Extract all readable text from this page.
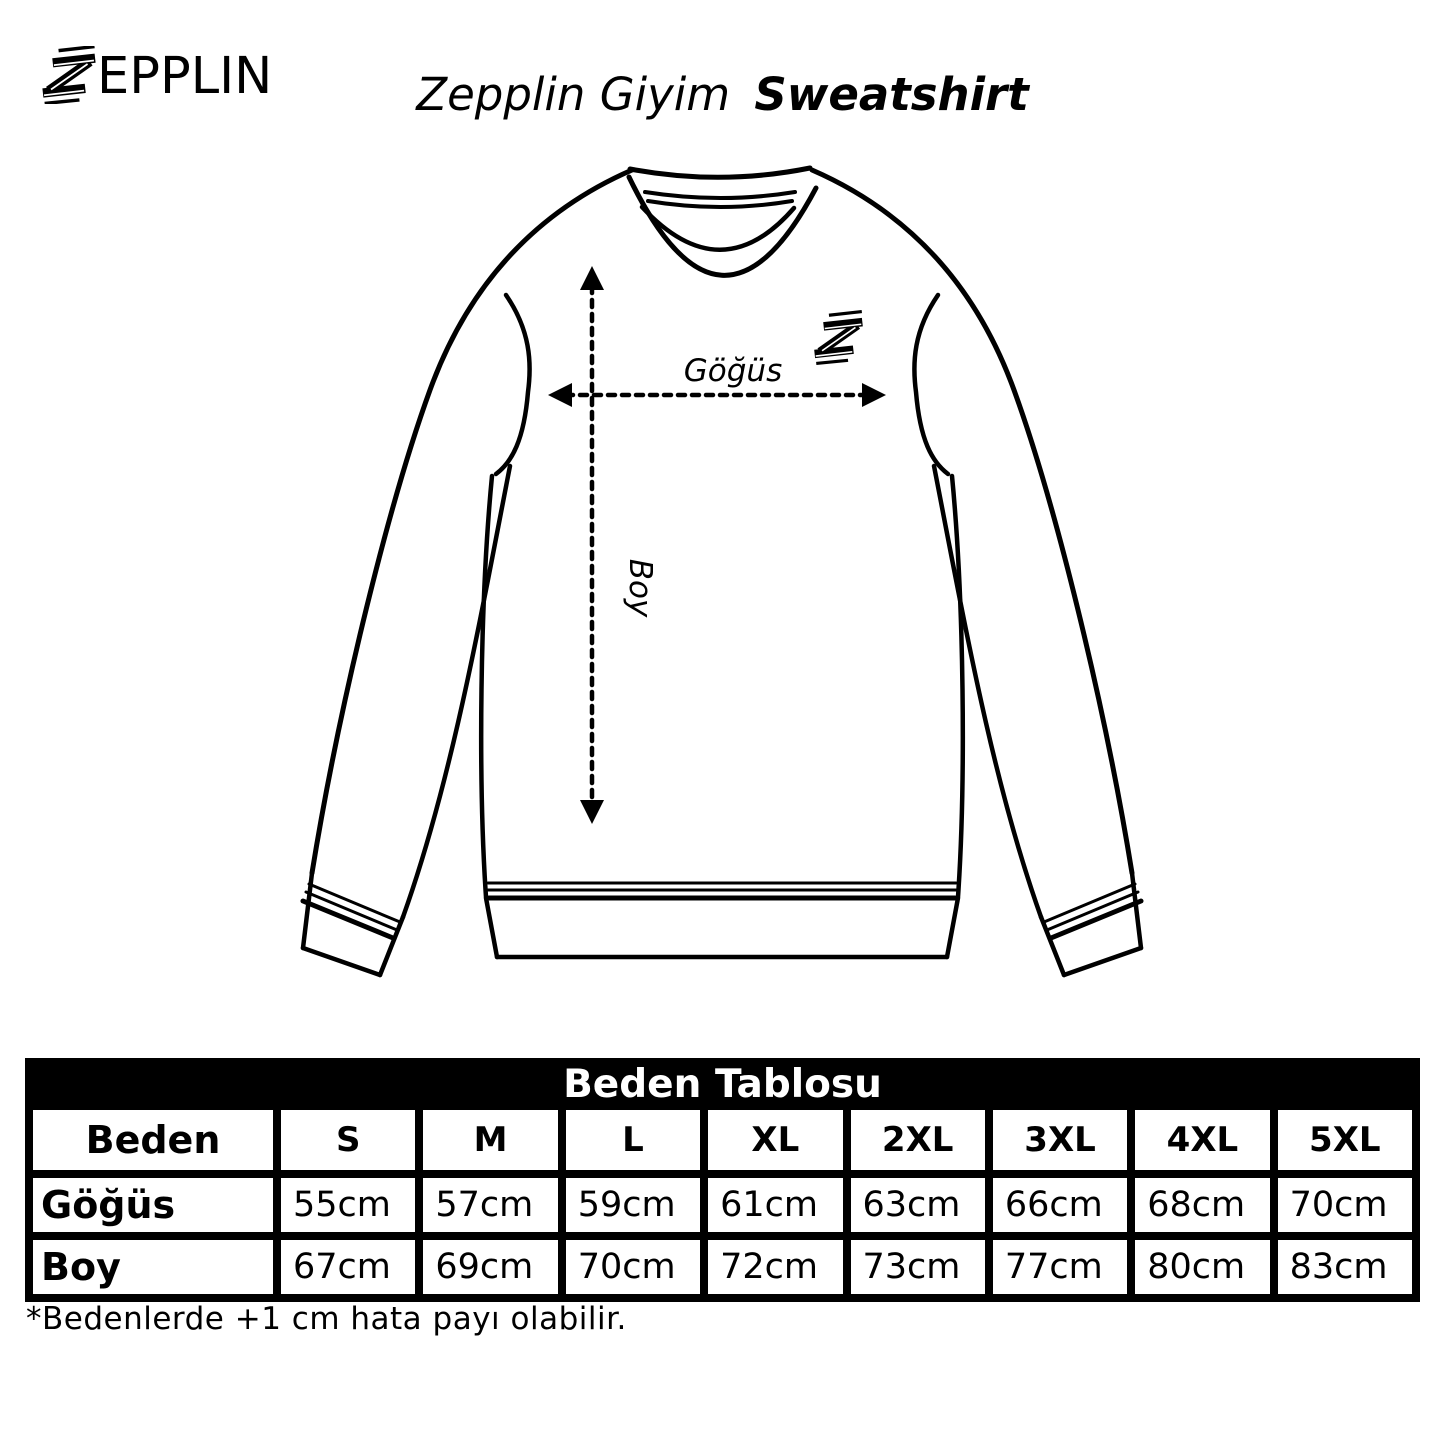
EPPLIN	Zepplin Giyim Sweatshirt
Göğüs
Boy
Beden Tablosu
Beden	S	M	L	XL	2XL	3XL	4XL	5XL
Göğüs	55cm	57cm	59cm	61cm	63cm	66cm	68cm	70cm
Boy	67cm	69cm	70cm	72cm	73cm	77cm	80cm	83cm
*Bedenlerde +1 cm hata payı olabilir.
